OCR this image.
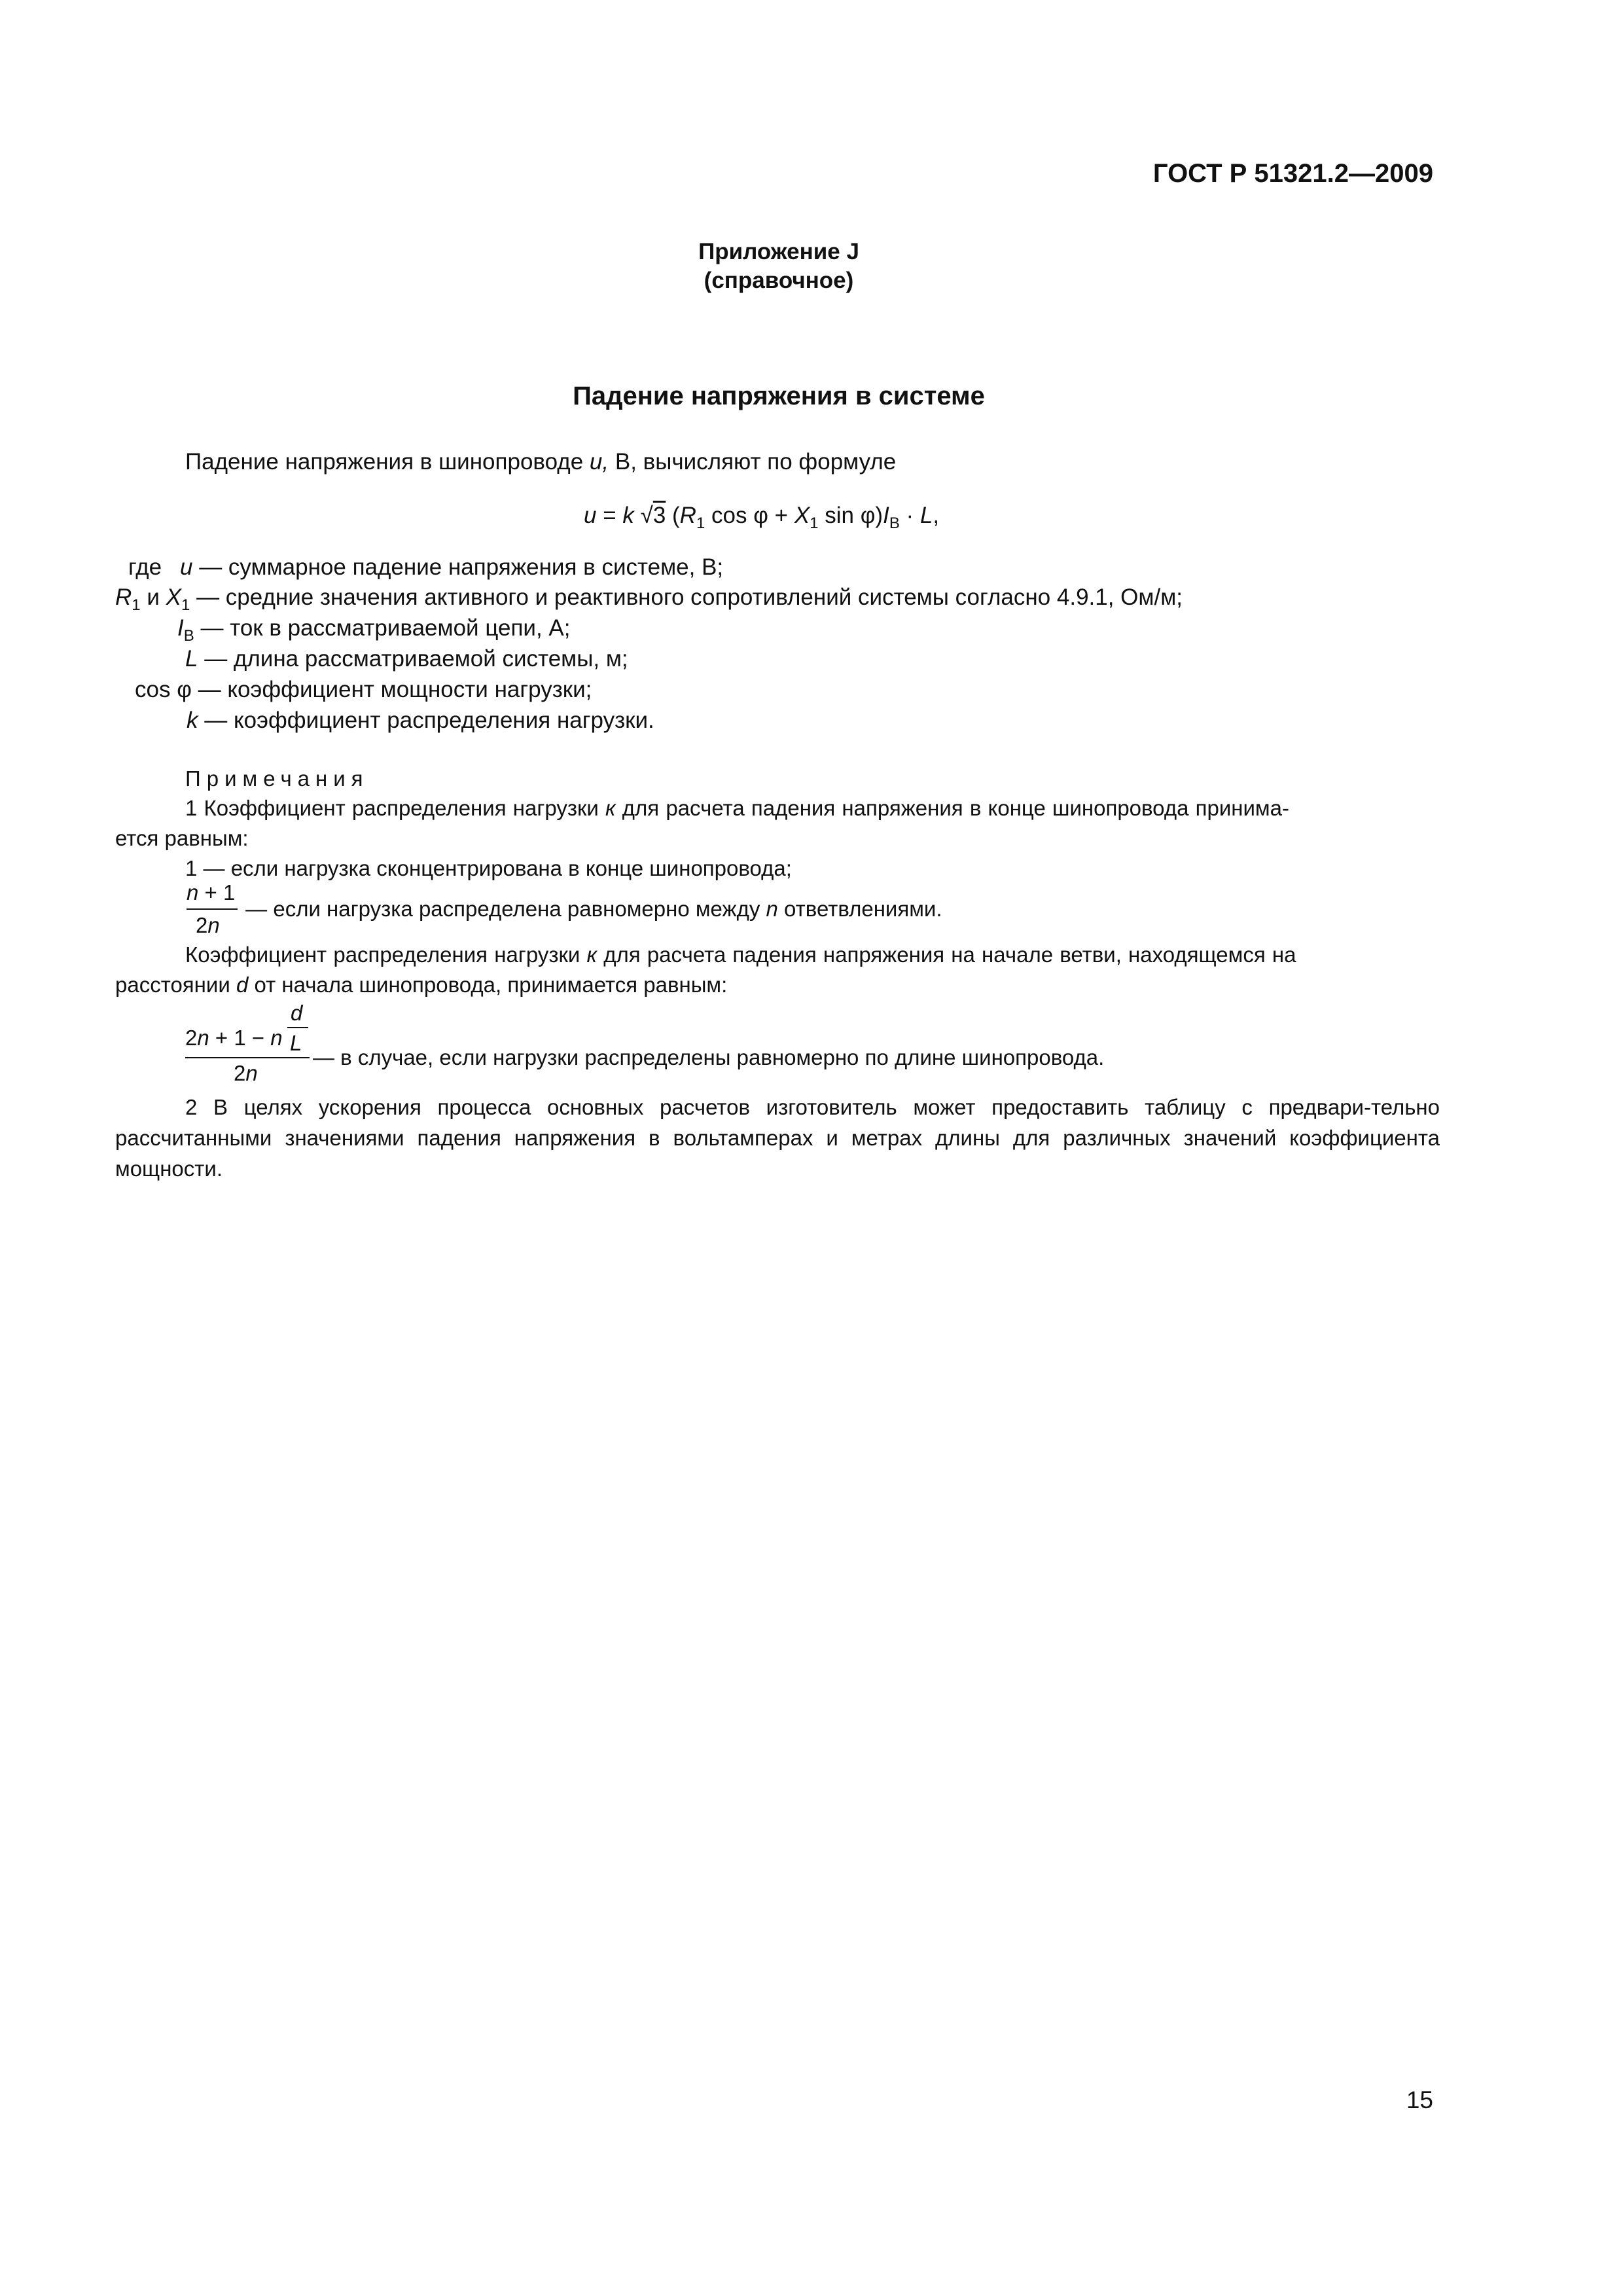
ГОСТ Р 51321.2—2009
Приложение J
(справочное)
Падение напряжения в системе
Падение напряжения в шинопроводе u, В, вычисляют по формуле
u = k √3 ($R_1$ $\cos \varphi + X_1$ $\sin \varphi)I_В \cdot L$,
где u — суммарное падение напряжения в системе, В;
$R_1$ и $X_1$ — средние значения активного и реактивного сопротивлений системы согласно 4.9.1, Ом/м;
$I_В$ — ток в рассматриваемой цепи, А;
L — длина рассматриваемой системы, м;
cos φ — коэффициент мощности нагрузки;
k — коэффициент распределения нагрузки.
Примечания
1 Коэффициент распределения нагрузки к для расчета падения напряжения в конце шинопровода принима-
ется равным:
1 — если нагрузка сконцентрирована в конце шинопровода;
n + 1
2n
— если нагрузка распределена равномерно между n ответвлениями.
Коэффициент распределения нагрузки к для расчета падения напряжения на начале ветви, находящемся на
расстоянии d от начала шинопровода, принимается равным:
2n + 1 − n
d
L
2n
— в случае, если нагрузки распределены равномерно по длине шинопровода.
2 В целях ускорения процесса основных расчетов изготовитель может предоставить таблицу с предвари-тельно рассчитанными значениями падения напряжения в вольтамперах и метрах длины для различных значений коэффициента мощности.
15
